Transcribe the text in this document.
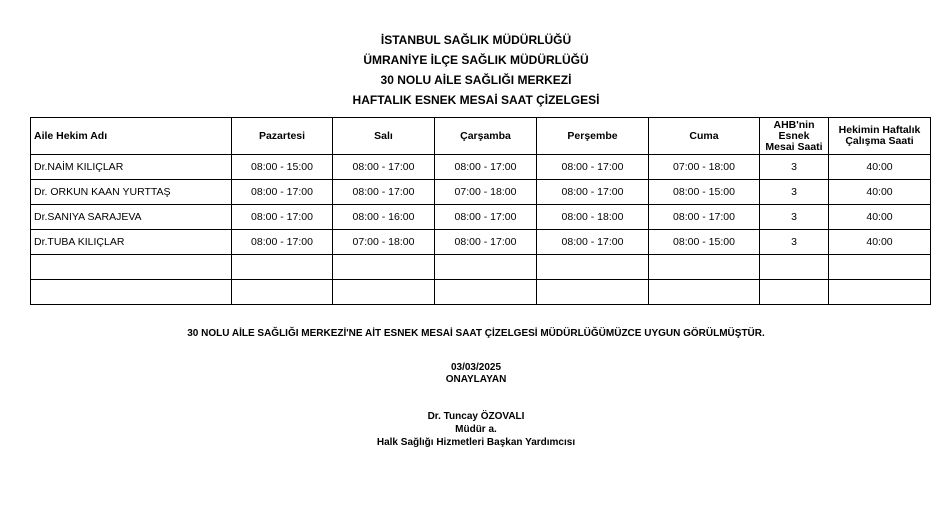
İSTANBUL SAĞLIK MÜDÜRLÜĞÜ
ÜMRANİYE İLÇE SAĞLIK MÜDÜRLÜĞÜ
30 NOLU AİLE SAĞLIĞI MERKEZİ
HAFTALIK ESNEK MESAİ SAAT ÇİZELGESİ
Aile Hekim Adı	Pazartesi	Salı	Çarşamba	Perşembe	Cuma	AHB'nin Esnek Mesai Saati	Hekimin Haftalık Çalışma Saati
Dr.NAİM KILIÇLAR	08:00 - 15:00	08:00 - 17:00	08:00 - 17:00	08:00 - 17:00	07:00 - 18:00	3	40:00
Dr. ORKUN KAAN YURTTAŞ	08:00 - 17:00	08:00 - 17:00	07:00 - 18:00	08:00 - 17:00	08:00 - 15:00	3	40:00
Dr.SANIYA SARAJEVA	08:00 - 17:00	08:00 - 16:00	08:00 - 17:00	08:00 - 18:00	08:00 - 17:00	3	40:00
Dr.TUBA KILIÇLAR	08:00 - 17:00	07:00 - 18:00	08:00 - 17:00	08:00 - 17:00	08:00 - 15:00	3	40:00

30 NOLU AİLE SAĞLIĞI MERKEZİ'NE AİT ESNEK MESAİ SAAT ÇİZELGESİ MÜDÜRLÜĞÜMÜZCE UYGUN GÖRÜLMÜŞTÜR.
03/03/2025
ONAYLAYAN
Dr. Tuncay ÖZOVALI
Müdür a.
Halk Sağlığı Hizmetleri Başkan Yardımcısı
